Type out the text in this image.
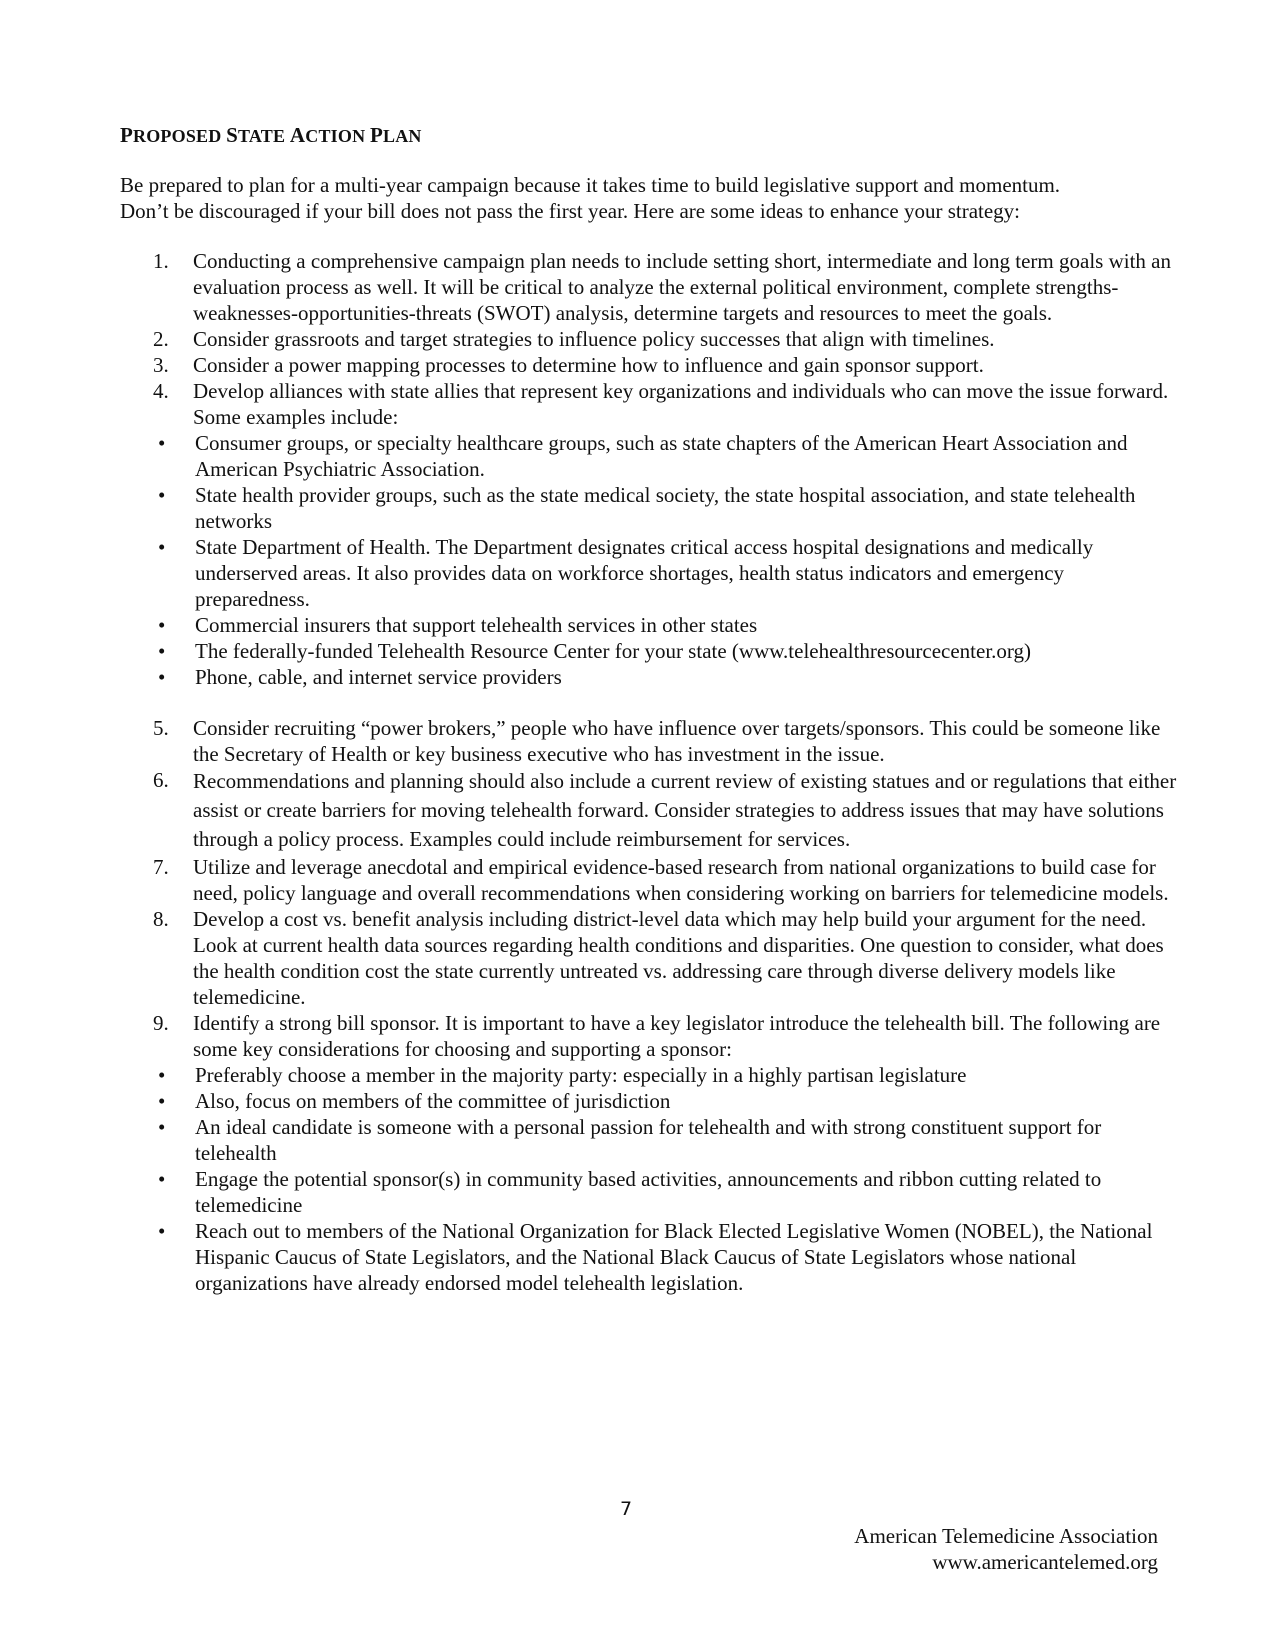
PROPOSED STATE ACTION PLAN

Be prepared to plan for a multi-year campaign because it takes time to build legislative support and momentum.

Don’t be discouraged if your bill does not pass the first year. Here are some ideas to enhance your strategy:

1. Conducting a comprehensive campaign plan needs to include setting short, intermediate and long term goals with an evaluation process as well. It will be critical to analyze the external political environment, complete strengths-weaknesses-opportunities-threats (SWOT) analysis, determine targets and resources to meet the goals.
2. Consider grassroots and target strategies to influence policy successes that align with timelines.
3. Consider a power mapping processes to determine how to influence and gain sponsor support.
4. Develop alliances with state allies that represent key organizations and individuals who can move the issue forward. Some examples include:
• Consumer groups, or specialty healthcare groups, such as state chapters of the American Heart Association and American Psychiatric Association.
• State health provider groups, such as the state medical society, the state hospital association, and state telehealth networks
• State Department of Health. The Department designates critical access hospital designations and medically underserved areas. It also provides data on workforce shortages, health status indicators and emergency preparedness.
• Commercial insurers that support telehealth services in other states
• The federally-funded Telehealth Resource Center for your state (www.telehealthresourcecenter.org)
• Phone, cable, and internet service providers
5. Consider recruiting “power brokers,” people who have influence over targets/sponsors. This could be someone like the Secretary of Health or key business executive who has investment in the issue.
6. Recommendations and planning should also include a current review of existing statues and or regulations that either assist or create barriers for moving telehealth forward. Consider strategies to address issues that may have solutions through a policy process. Examples could include reimbursement for services.
7. Utilize and leverage anecdotal and empirical evidence-based research from national organizations to build case for need, policy language and overall recommendations when considering working on barriers for telemedicine models.
8. Develop a cost vs. benefit analysis including district-level data which may help build your argument for the need. Look at current health data sources regarding health conditions and disparities. One question to consider, what does the health condition cost the state currently untreated vs. addressing care through diverse delivery models like telemedicine.
9. Identify a strong bill sponsor. It is important to have a key legislator introduce the telehealth bill. The following are some key considerations for choosing and supporting a sponsor:
• Preferably choose a member in the majority party: especially in a highly partisan legislature
• Also, focus on members of the committee of jurisdiction
• An ideal candidate is someone with a personal passion for telehealth and with strong constituent support for telehealth
• Engage the potential sponsor(s) in community based activities, announcements and ribbon cutting related to telemedicine
• Reach out to members of the National Organization for Black Elected Legislative Women (NOBEL), the National Hispanic Caucus of State Legislators, and the National Black Caucus of State Legislators whose national organizations have already endorsed model telehealth legislation.
7
American Telemedicine Association
www.americantelemed.org
